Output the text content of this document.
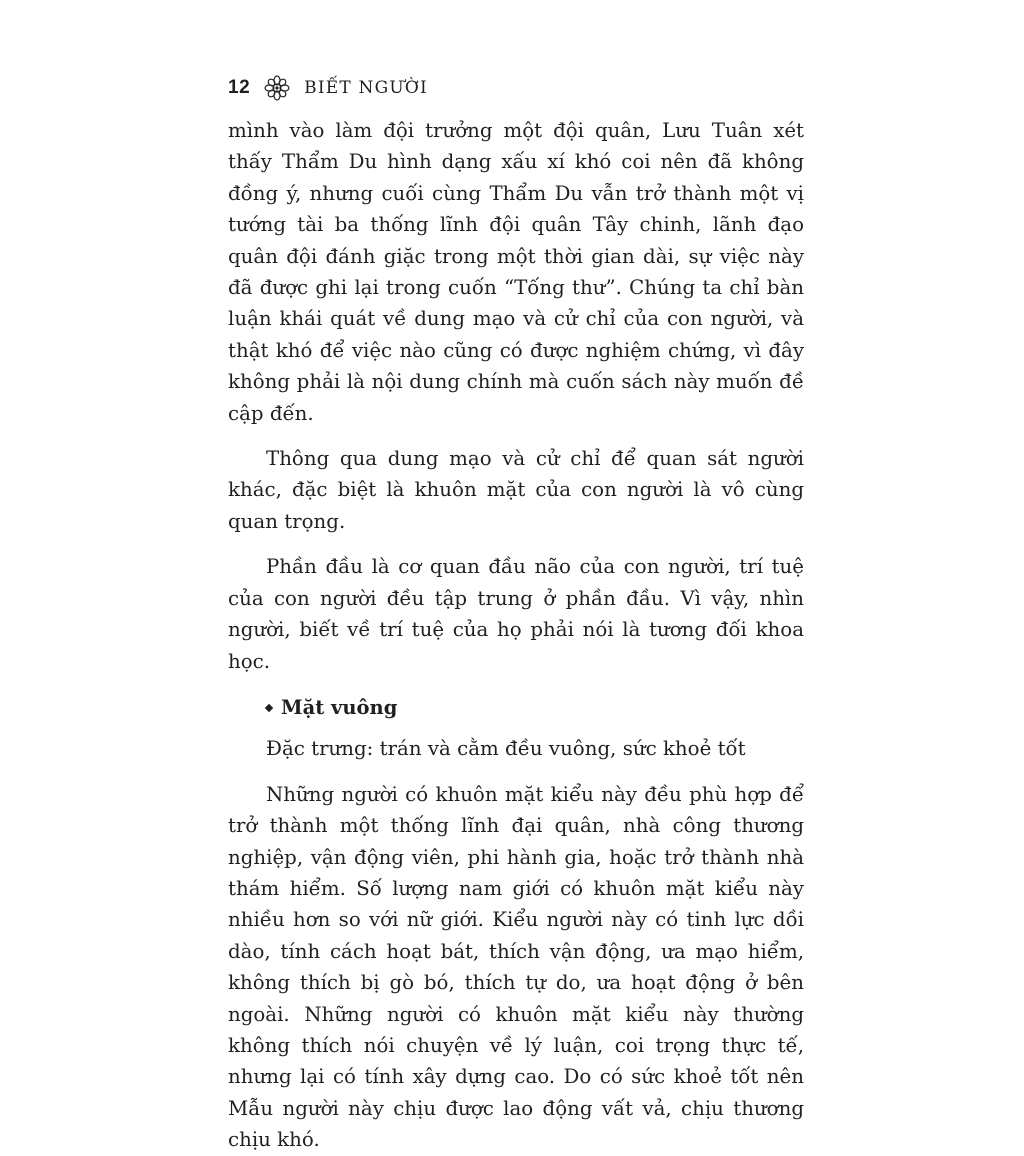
12	BIẾT NGƯỜI

mình vào làm đội trưởng một đội quân, Lưu Tuân xét thấy Thẩm Du hình dạng xấu xí khó coi nên đã không đồng ý, nhưng cuối cùng Thẩm Du vẫn trở thành một vị tướng tài ba thống lĩnh đội quân Tây chinh, lãnh đạo quân đội đánh giặc trong một thời gian dài, sự việc này đã được ghi lại trong cuốn “Tống thư”. Chúng ta chỉ bàn luận khái quát về dung mạo và cử chỉ của con người, và thật khó để việc nào cũng có được nghiệm chứng, vì đây không phải là nội dung chính mà cuốn sách này muốn đề cập đến.

Thông qua dung mạo và cử chỉ để quan sát người khác, đặc biệt là khuôn mặt của con người là vô cùng quan trọng.

Phần đầu là cơ quan đầu não của con người, trí tuệ của con người đều tập trung ở phần đầu. Vì vậy, nhìn người, biết về trí tuệ của họ phải nói là tương đối khoa học.

Mặt vuông

Đặc trưng: trán và cằm đều vuông, sức khoẻ tốt

Những người có khuôn mặt kiểu này đều phù hợp để trở thành một thống lĩnh đại quân, nhà công thương nghiệp, vận động viên, phi hành gia, hoặc trở thành nhà thám hiểm. Số lượng nam giới có khuôn mặt kiểu này nhiều hơn so với nữ giới. Kiểu người này có tinh lực dồi dào, tính cách hoạt bát, thích vận động, ưa mạo hiểm, không thích bị gò bó, thích tự do, ưa hoạt động ở bên ngoài. Những người có khuôn mặt kiểu này thường không thích nói chuyện về lý luận, coi trọng thực tế, nhưng lại có tính xây dựng cao. Do có sức khoẻ tốt nên Mẫu người này chịu được lao động vất vả, chịu thương chịu khó.
